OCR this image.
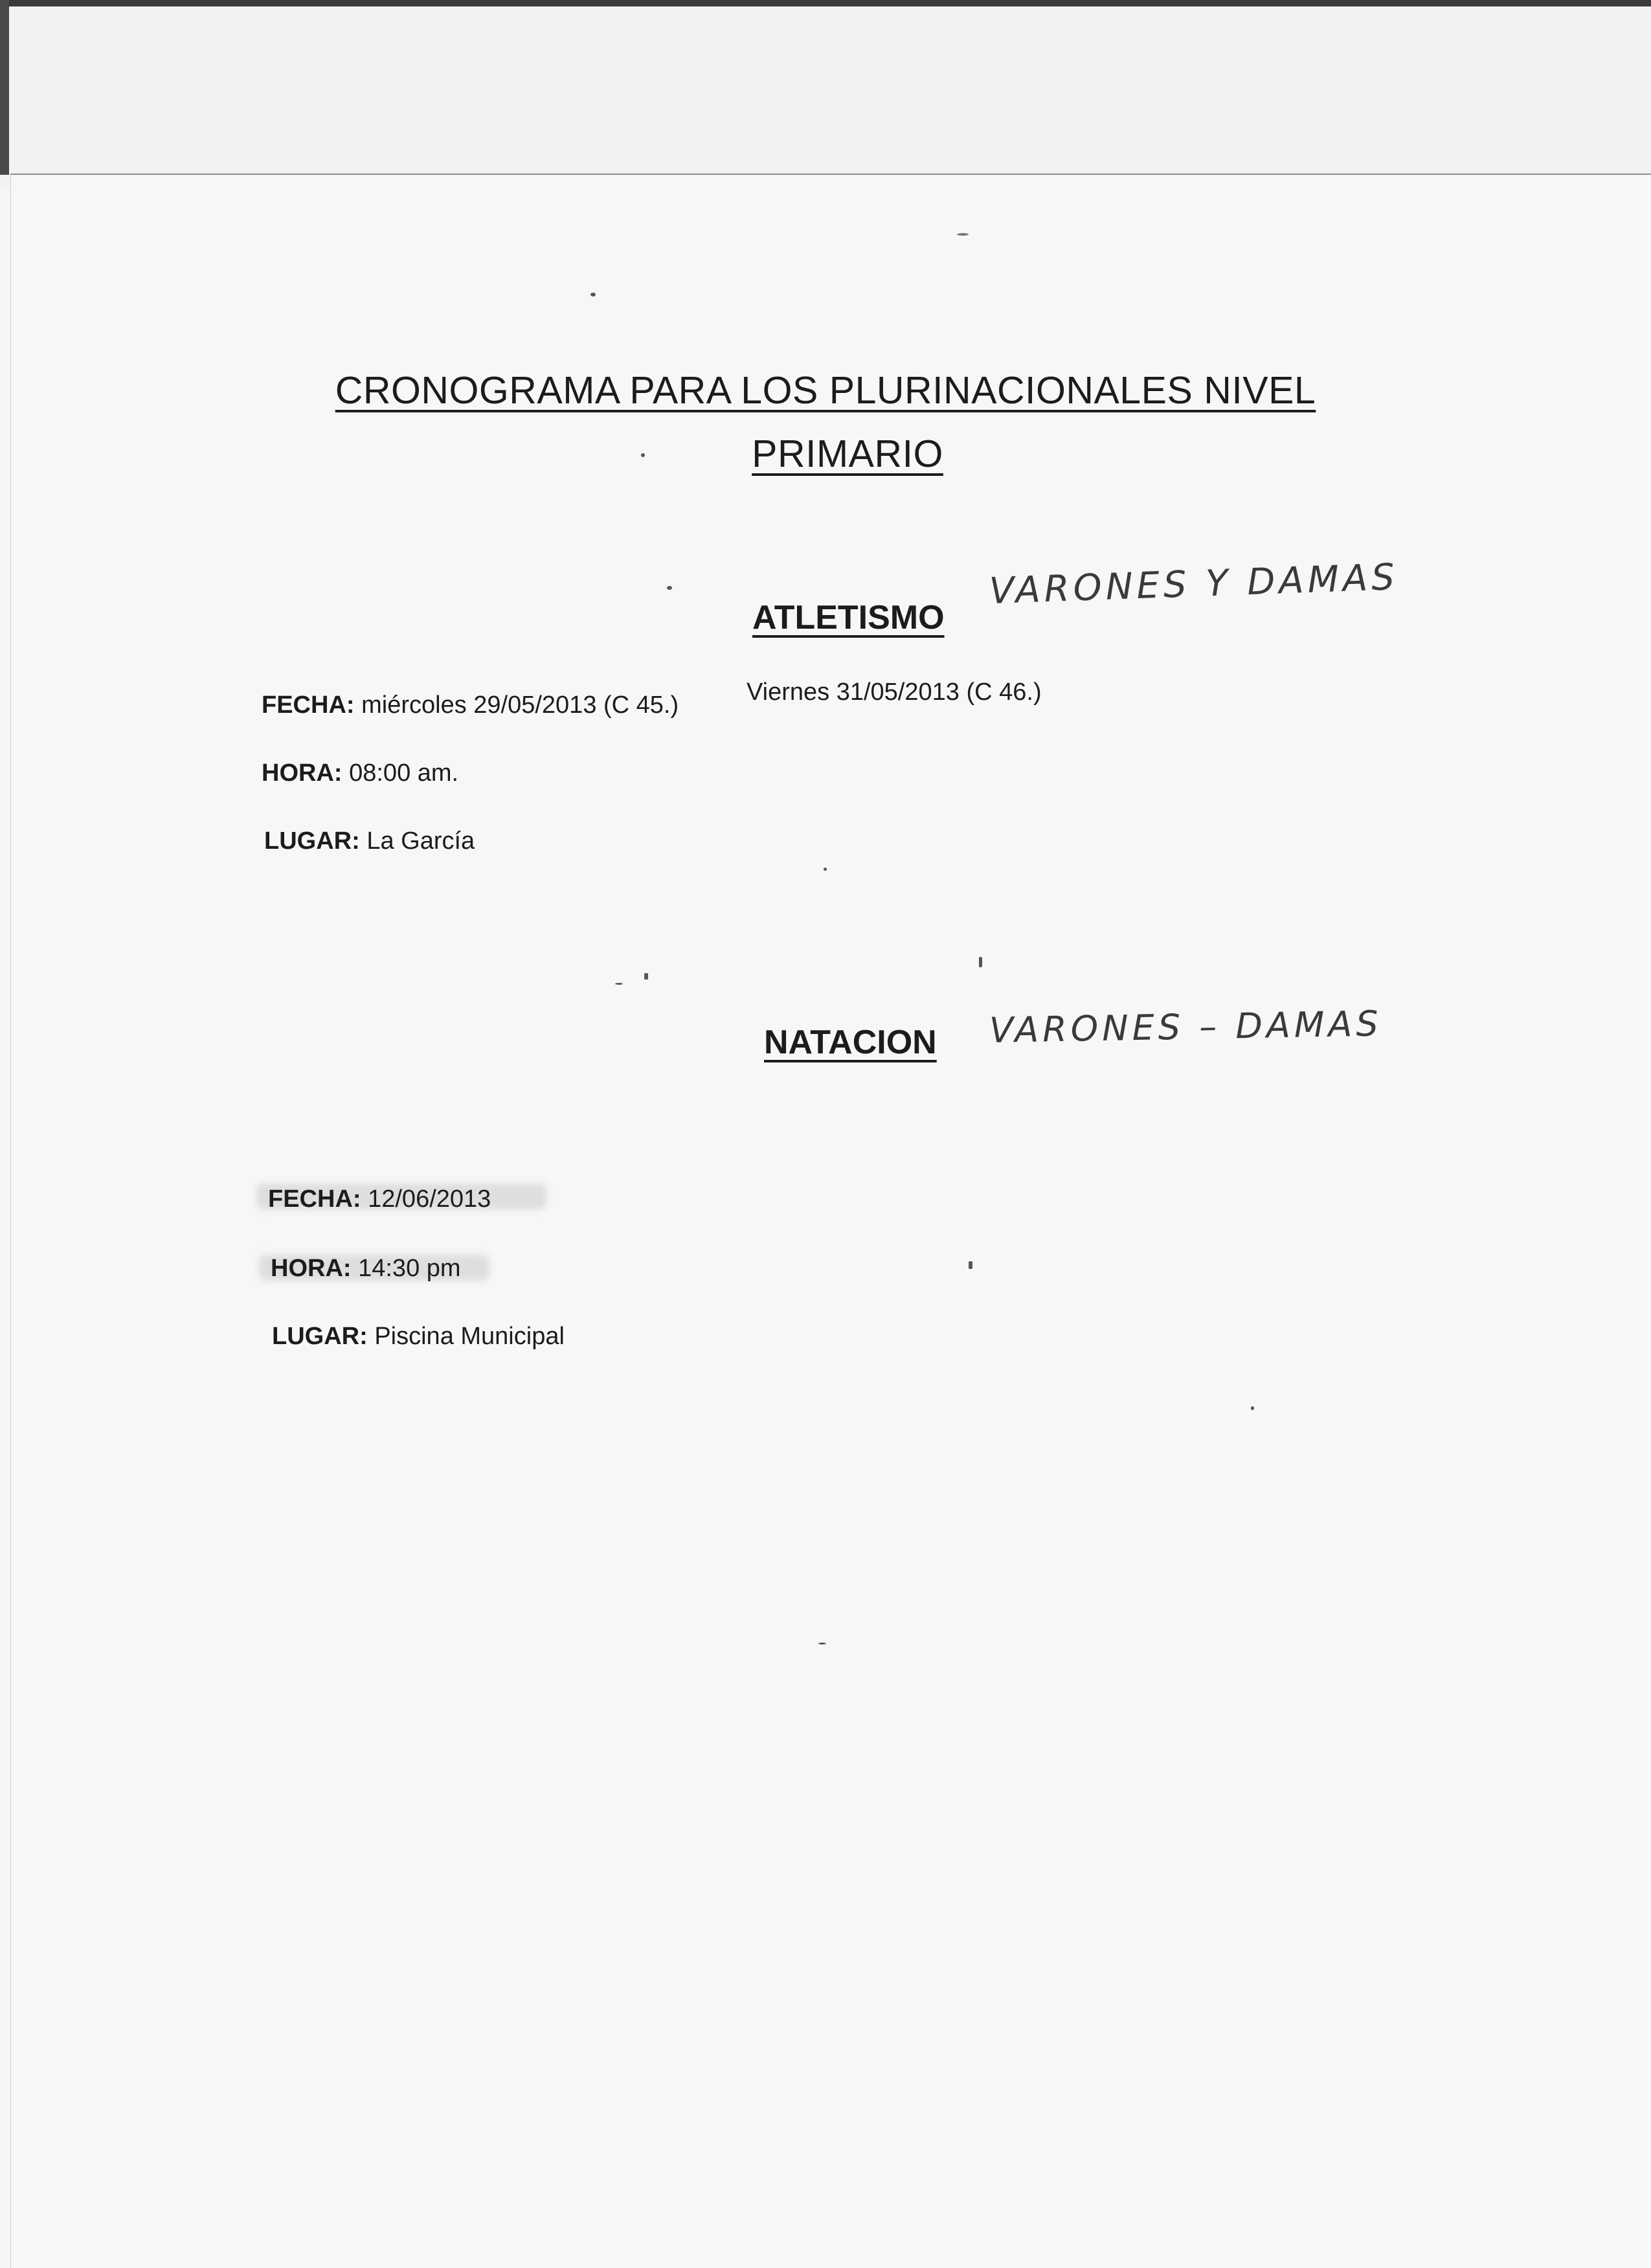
CRONOGRAMA PARA LOS PLURINACIONALES NIVEL
PRIMARIO
ATLETISMO
VARONES Y DAMAS
FECHA: miércoles 29/05/2013 (C 45.)	Viernes 31/05/2013 (C 46.)
HORA: 08:00 am.
LUGAR: La García
NATACION VARONES – DAMAS
FECHA: 12/06/2013
HORA: 14:30 pm
LUGAR: Piscina Municipal
